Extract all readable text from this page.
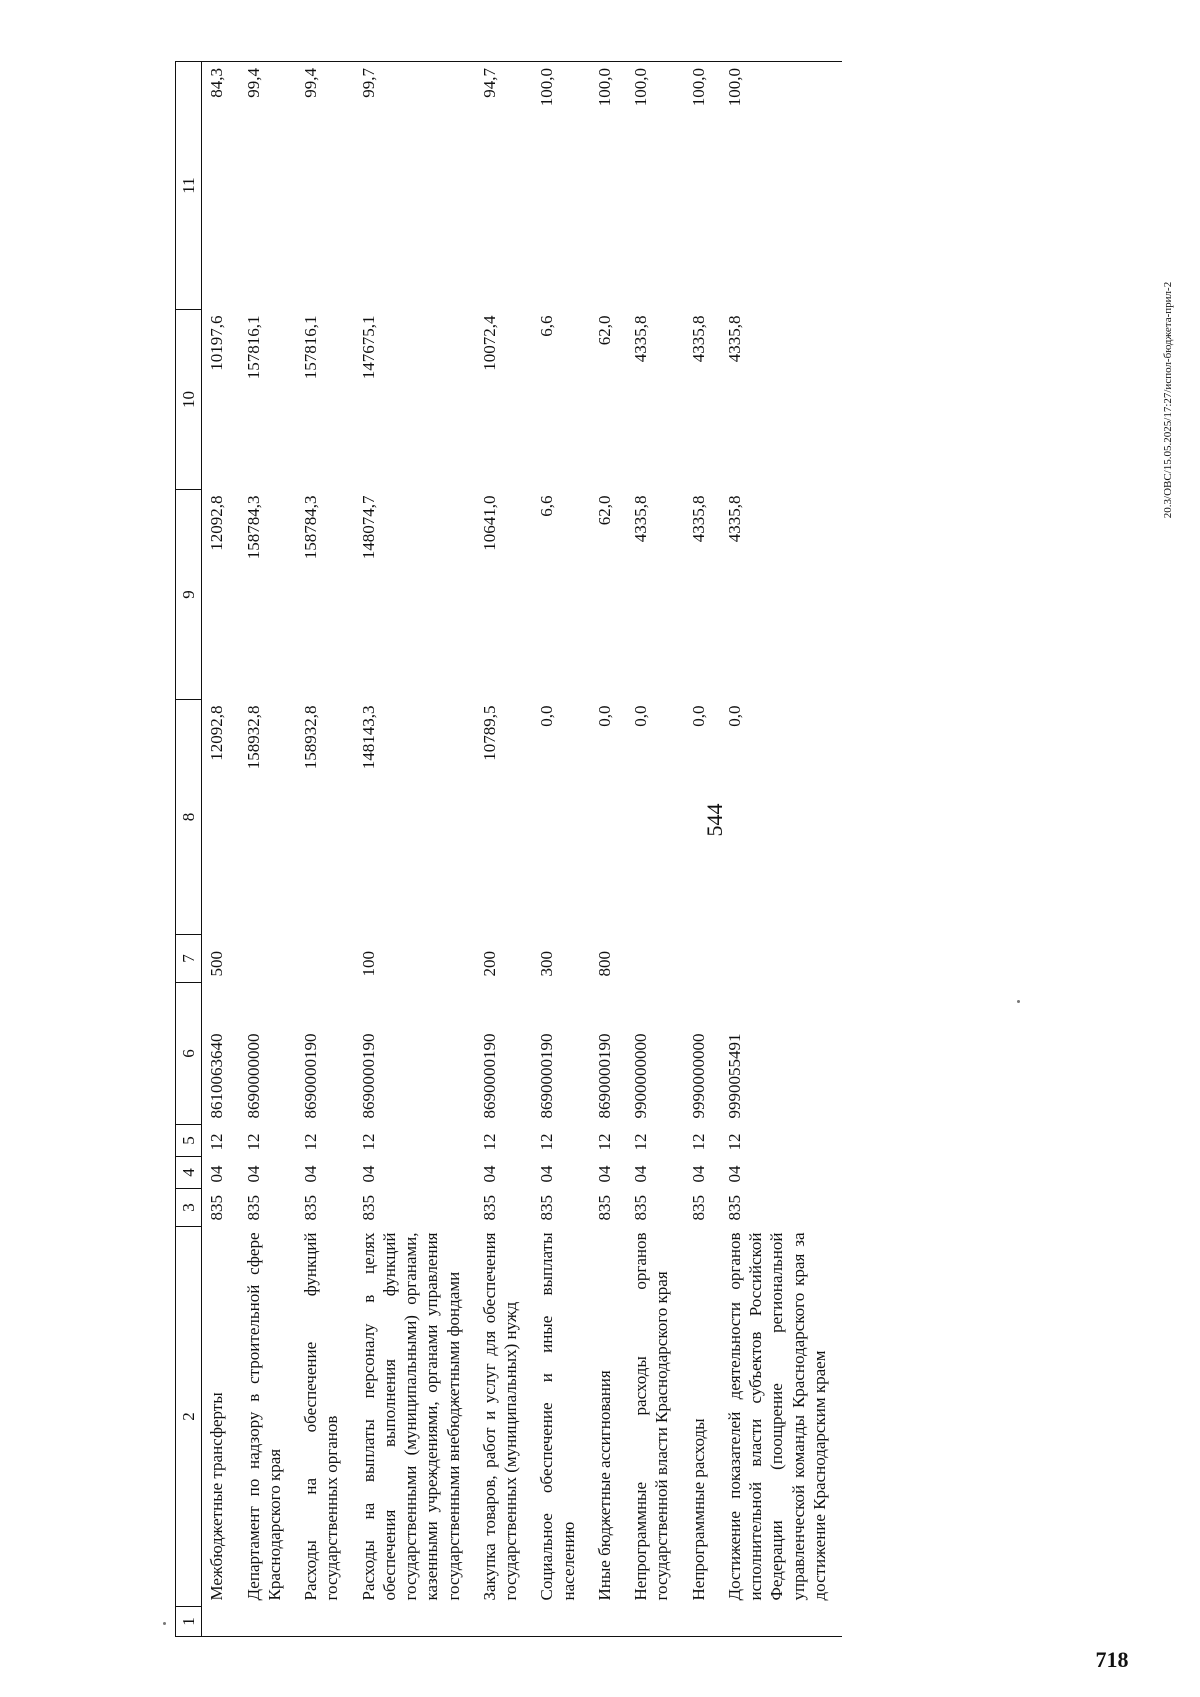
544
20.3/ОВС/15.05.2025/17:27/испол-бюджета-прил-2
718
1	2	3	4	5	6	7	8	9	10	11
	Межбюджетные трансферты	835	04	12	8610063640	500	12092,8	12092,8	10197,6	84,3
	Департамент по надзору в строительной сфере Краснодарского края	835	04	12	8690000000		158932,8	158784,3	157816,1	99,4
	Расходы на обеспечение функций государственных органов	835	04	12	8690000190		158932,8	158784,3	157816,1	99,4
	Расходы на выплаты персоналу в целях обеспечения выполнения функций государственными (муниципальными) органами, казенными учреждениями, органами управления государственными внебюджетными фондами	835	04	12	8690000190	100	148143,3	148074,7	147675,1	99,7
	Закупка товаров, работ и услуг для обеспечения государственных (муниципальных) нужд	835	04	12	8690000190	200	10789,5	10641,0	10072,4	94,7
	Социальное обеспечение и иные выплаты населению	835	04	12	8690000190	300	0,0	6,6	6,6	100,0
	Иные бюджетные ассигнования	835	04	12	8690000190	800	0,0	62,0	62,0	100,0
	Непрограммные расходы органов государственной власти Краснодарского края	835	04	12	9900000000		0,0	4335,8	4335,8	100,0
	Непрограммные расходы	835	04	12	9990000000		0,0	4335,8	4335,8	100,0
	Достижение показателей деятельности органов исполнительной власти субъектов Российской Федерации (поощрение региональной управленческой команды Краснодарского края за достижение Краснодарским краем	835	04	12	9990055491		0,0	4335,8	4335,8	100,0
